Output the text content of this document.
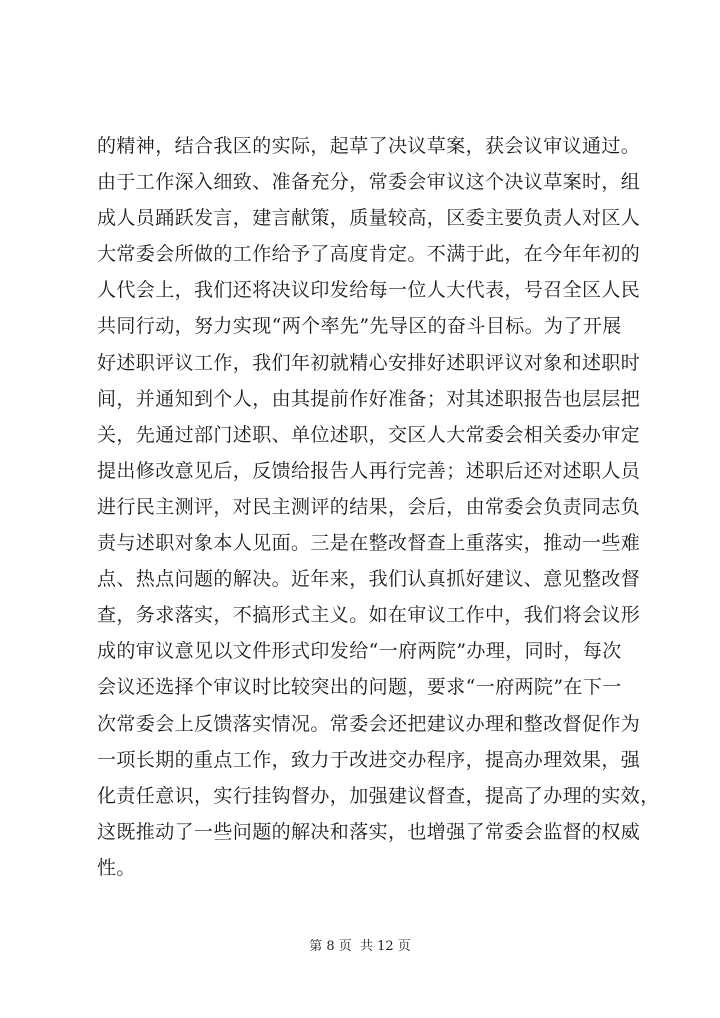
的精神，结合我区的实际，起草了决议草案，获会议审议通过。
由于工作深入细致、准备充分，常委会审议这个决议草案时，组
成人员踊跃发言，建言献策，质量较高，区委主要负责人对区人
大常委会所做的工作给予了高度肯定。不满于此，在今年年初的
人代会上，我们还将决议印发给每一位人大代表，号召全区人民
共同行动，努力实现“两个率先”先导区的奋斗目标。为了开展
好述职评议工作，我们年初就精心安排好述职评议对象和述职时
间，并通知到个人，由其提前作好准备；对其述职报告也层层把
关，先通过部门述职、单位述职，交区人大常委会相关委办审定
提出修改意见后，反馈给报告人再行完善；述职后还对述职人员
进行民主测评，对民主测评的结果，会后，由常委会负责同志负
责与述职对象本人见面。三是在整改督查上重落实，推动一些难
点、热点问题的解决。近年来，我们认真抓好建议、意见整改督
查，务求落实，不搞形式主义。如在审议工作中，我们将会议形
成的审议意见以文件形式印发给“一府两院”办理，同时，每次
会议还选择个审议时比较突出的问题，要求“一府两院”在下一
次常委会上反馈落实情况。常委会还把建议办理和整改督促作为
一项长期的重点工作，致力于改进交办程序，提高办理效果，强
化责任意识，实行挂钩督办，加强建议督查，提高了办理的实效，
这既推动了一些问题的解决和落实，也增强了常委会监督的权威
性。
第 8 页  共 12 页
